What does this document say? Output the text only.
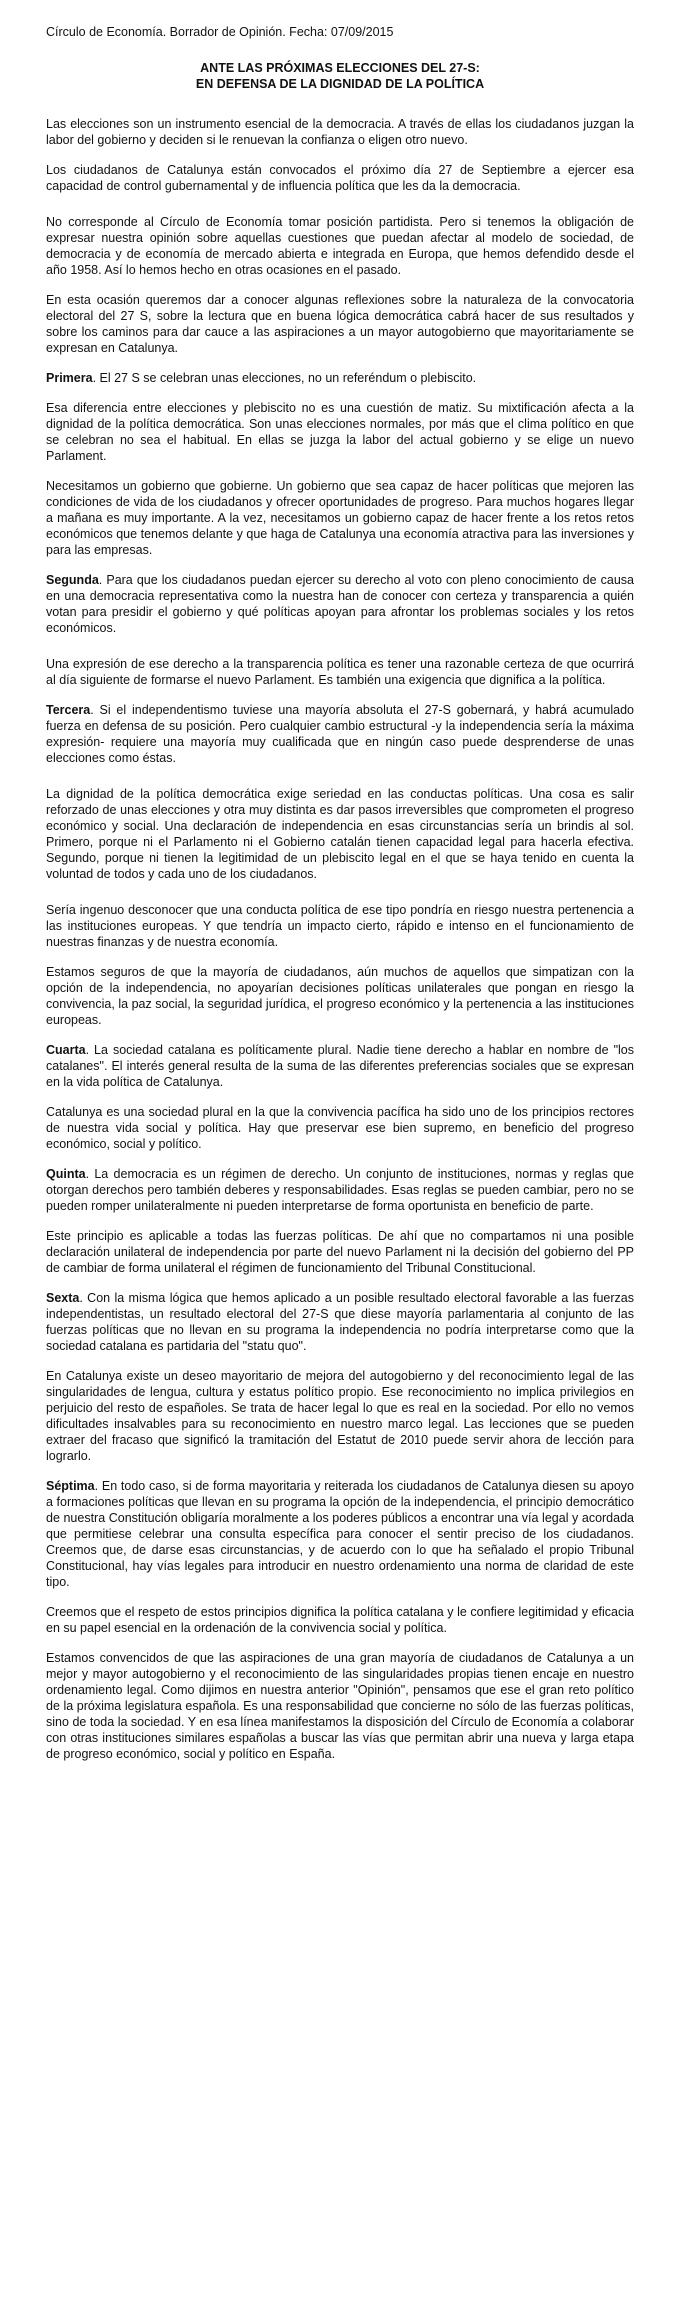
Círculo de Economía. Borrador de Opinión. Fecha: 07/09/2015
ANTE LAS PRÓXIMAS ELECCIONES DEL 27-S:
EN DEFENSA DE LA DIGNIDAD DE LA POLÍTICA

Las elecciones son un instrumento esencial de la democracia. A través de ellas los ciudadanos juzgan la labor del gobierno y deciden si le renuevan la confianza o eligen otro nuevo.

Los ciudadanos de Catalunya están convocados el próximo día 27 de Septiembre a ejercer esa capacidad de control gubernamental y de influencia política que les da la democracia.

No corresponde al Círculo de Economía tomar posición partidista. Pero si tenemos la obligación de expresar nuestra opinión sobre aquellas cuestiones que puedan afectar al modelo de sociedad, de democracia y de economía de mercado abierta e integrada en Europa, que hemos defendido desde el año 1958. Así lo hemos hecho en otras ocasiones en el pasado.

En esta ocasión queremos dar a conocer algunas reflexiones sobre la naturaleza de la convocatoria electoral del 27 S, sobre la lectura que en buena lógica democrática cabrá hacer de sus resultados y sobre los caminos para dar cauce a las aspiraciones a un mayor autogobierno que mayoritariamente se expresan en Catalunya.

Primera. El 27 S se celebran unas elecciones, no un referéndum o plebiscito.

Esa diferencia entre elecciones y plebiscito no es una cuestión de matiz. Su mixtificación afecta a la dignidad de la política democrática. Son unas elecciones normales, por más que el clima político en que se celebran no sea el habitual. En ellas se juzga la labor del actual gobierno y se elige un nuevo Parlament.

Necesitamos un gobierno que gobierne. Un gobierno que sea capaz de hacer políticas que mejoren las condiciones de vida de los ciudadanos y ofrecer oportunidades de progreso. Para muchos hogares llegar a mañana es muy importante. A la vez, necesitamos un gobierno capaz de hacer frente a los retos retos económicos que tenemos delante y que haga de Catalunya una economía atractiva para las inversiones y para las empresas.

Segunda. Para que los ciudadanos puedan ejercer su derecho al voto con pleno conocimiento de causa en una democracia representativa como la nuestra han de conocer con certeza y transparencia a quién votan para presidir el gobierno y qué políticas apoyan para afrontar los problemas sociales y los retos económicos.

Una expresión de ese derecho a la transparencia política es tener una razonable certeza de que ocurrirá al día siguiente de formarse el nuevo Parlament. Es también una exigencia que dignifica a la política.

Tercera. Si el independentismo tuviese una mayoría absoluta el 27-S gobernará, y habrá acumulado fuerza en defensa de su posición. Pero cualquier cambio estructural -y la independencia sería la máxima expresión- requiere una mayoría muy cualificada que en ningún caso puede desprenderse de unas elecciones como éstas.

La dignidad de la política democrática exige seriedad en las conductas políticas. Una cosa es salir reforzado de unas elecciones y otra muy distinta es dar pasos irreversibles que comprometen el progreso económico y social. Una declaración de independencia en esas circunstancias sería un brindis al sol. Primero, porque ni el Parlamento ni el Gobierno catalán tienen capacidad legal para hacerla efectiva. Segundo, porque ni tienen la legitimidad de un plebiscito legal en el que se haya tenido en cuenta la voluntad de todos y cada uno de los ciudadanos.

Sería ingenuo desconocer que una conducta política de ese tipo pondría en riesgo nuestra pertenencia a las instituciones europeas. Y que tendría un impacto cierto, rápido e intenso en el funcionamiento de nuestras finanzas y de nuestra economía.

Estamos seguros de que la mayoría de ciudadanos, aún muchos de aquellos que simpatizan con la opción de la independencia, no apoyarían decisiones políticas unilaterales que pongan en riesgo la convivencia, la paz social, la seguridad jurídica, el progreso económico y la pertenencia a las instituciones europeas.

Cuarta. La sociedad catalana es políticamente plural. Nadie tiene derecho a hablar en nombre de "los catalanes". El interés general resulta de la suma de las diferentes preferencias sociales que se expresan en la vida política de Catalunya.

Catalunya es una sociedad plural en la que la convivencia pacífica ha sido uno de los principios rectores de nuestra vida social y política. Hay que preservar ese bien supremo, en beneficio del progreso económico, social y político.

Quinta. La democracia es un régimen de derecho. Un conjunto de instituciones, normas y reglas que otorgan derechos pero también deberes y responsabilidades. Esas reglas se pueden cambiar, pero no se pueden romper unilateralmente ni pueden interpretarse de forma oportunista en beneficio de parte.

Este principio es aplicable a todas las fuerzas políticas. De ahí que no compartamos ni una posible declaración unilateral de independencia por parte del nuevo Parlament ni la decisión del gobierno del PP de cambiar de forma unilateral el régimen de funcionamiento del Tribunal Constitucional.

Sexta. Con la misma lógica que hemos aplicado a un posible resultado electoral favorable a las fuerzas independentistas, un resultado electoral del 27-S que diese mayoría parlamentaria al conjunto de las fuerzas políticas que no llevan en su programa la independencia no podría interpretarse como que la sociedad catalana es partidaria del "statu quo".

En Catalunya existe un deseo mayoritario de mejora del autogobierno y del reconocimiento legal de las singularidades de lengua, cultura y estatus político propio. Ese reconocimiento no implica privilegios en perjuicio del resto de españoles. Se trata de hacer legal lo que es real en la sociedad. Por ello no vemos dificultades insalvables para su reconocimiento en nuestro marco legal. Las lecciones que se pueden extraer del fracaso que significó la tramitación del Estatut de 2010 puede servir ahora de lección para lograrlo.

Séptima. En todo caso, si de forma mayoritaria y reiterada los ciudadanos de Catalunya diesen su apoyo a formaciones políticas que llevan en su programa la opción de la independencia, el principio democrático de nuestra Constitución obligaría moralmente a los poderes públicos a encontrar una vía legal y acordada que permitiese celebrar una consulta específica para conocer el sentir preciso de los ciudadanos. Creemos que, de darse esas circunstancias, y de acuerdo con lo que ha señalado el propio Tribunal Constitucional, hay vías legales para introducir en nuestro ordenamiento una norma de claridad de este tipo.

Creemos que el respeto de estos principios dignifica la política catalana y le confiere legitimidad y eficacia en su papel esencial en la ordenación de la convivencia social y política.

Estamos convencidos de que las aspiraciones de una gran mayoría de ciudadanos de Catalunya a un mejor y mayor autogobierno y el reconocimiento de las singularidades propias tienen encaje en nuestro ordenamiento legal. Como dijimos en nuestra anterior "Opinión", pensamos que ese el gran reto político de la próxima legislatura española. Es una responsabilidad que concierne no sólo de las fuerzas políticas, sino de toda la sociedad. Y en esa línea manifestamos la disposición del Círculo de Economía a colaborar con otras instituciones similares españolas a buscar las vías que permitan abrir una nueva y larga etapa de progreso económico, social y político en España.
